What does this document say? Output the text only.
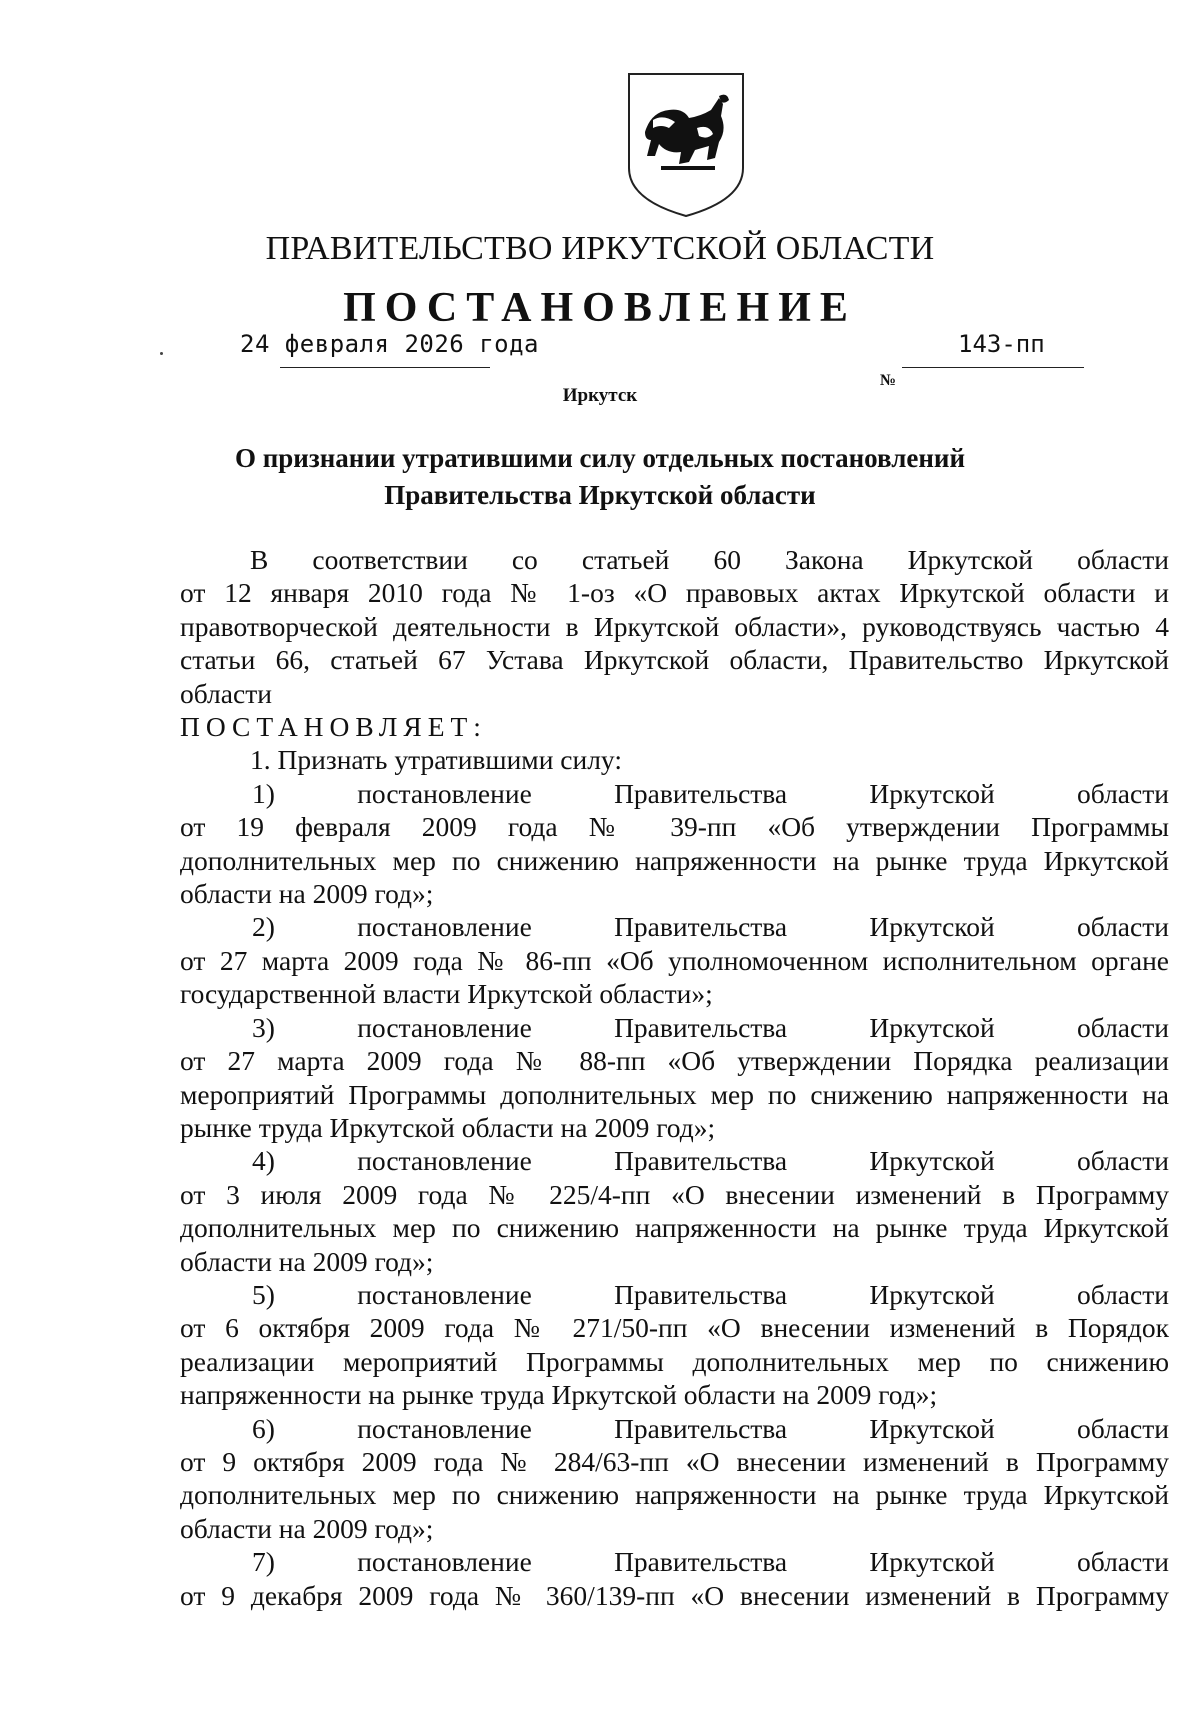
ПРАВИТЕЛЬСТВО ИРКУТСКОЙ ОБЛАСТИ
ПОСТАНОВЛЕНИЕ
24 февраля 2026 года
№
143-пп
Иркутск
О признании утратившими силу отдельных постановлений
Правительства Иркутской области
В соответствии со статьей 60 Закона Иркутской области
от 12 января 2010 года № 1-оз «О правовых актах Иркутской области и
правотворческой деятельности в Иркутской области», руководствуясь частью 4
статьи 66, статьей 67 Устава Иркутской области, Правительство Иркутской
области
ПОСТАНОВЛЯЕТ:
1. Признать утратившими силу:
1)	постановление	Правительства	Иркутской	области
от 19 февраля 2009 года № 39-пп «Об утверждении Программы
дополнительных мер по снижению напряженности на рынке труда Иркутской
области на 2009 год»;
2)	постановление	Правительства	Иркутской	области
от 27 марта 2009 года № 86-пп «Об уполномоченном исполнительном органе
государственной власти Иркутской области»;
3)	постановление	Правительства	Иркутской	области
от 27 марта 2009 года № 88-пп «Об утверждении Порядка реализации
мероприятий Программы дополнительных мер по снижению напряженности на
рынке труда Иркутской области на 2009 год»;
4)	постановление	Правительства	Иркутской	области
от 3 июля 2009 года № 225/4-пп «О внесении изменений в Программу
дополнительных мер по снижению напряженности на рынке труда Иркутской
области на 2009 год»;
5)	постановление	Правительства	Иркутской	области
от 6 октября 2009 года № 271/50-пп «О внесении изменений в Порядок
реализации мероприятий Программы дополнительных мер по снижению
напряженности на рынке труда Иркутской области на 2009 год»;
6)	постановление	Правительства	Иркутской	области
от 9 октября 2009 года № 284/63-пп «О внесении изменений в Программу
дополнительных мер по снижению напряженности на рынке труда Иркутской
области на 2009 год»;
7)	постановление	Правительства	Иркутской	области
от 9 декабря 2009 года № 360/139-пп «О внесении изменений в Программу
